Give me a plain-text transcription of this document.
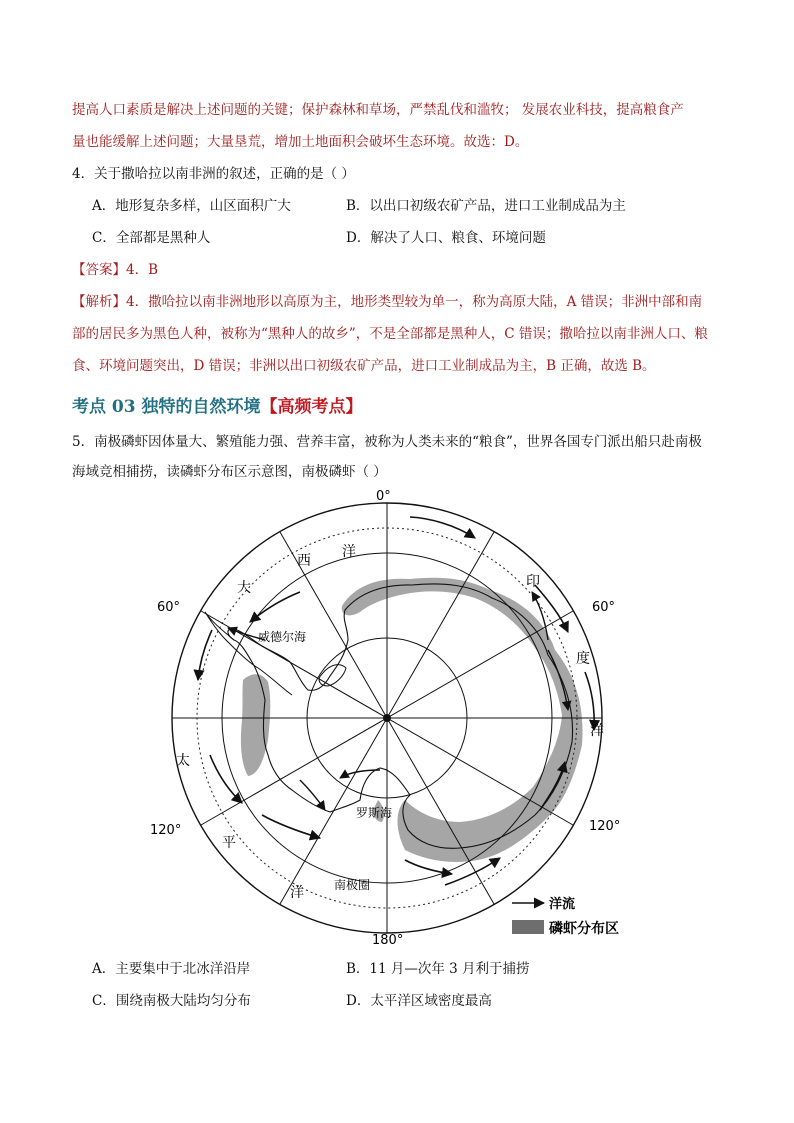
提高人口素质是解决上述问题的关键；保护森林和草场，严禁乱伐和滥牧； 发展农业科技，提高粮食产
量也能缓解上述问题；大量垦荒，增加土地面积会破坏生态环境。故选：D。
4．关于撒哈拉以南非洲的叙述，正确的是（ ）
A．地形复杂多样，山区面积广大	B．以出口初级农矿产品，进口工业制成品为主
C．全部都是黑种人	D．解决了人口、粮食、环境问题
【答案】4．B
【解析】4．撒哈拉以南非洲地形以高原为主，地形类型较为单一，称为高原大陆，A 错误；非洲中部和南
部的居民多为黑色人种，被称为“黑种人的故乡”，不是全部都是黑种人，C 错误；撒哈拉以南非洲人口、粮
食、环境问题突出，D 错误；非洲以出口初级农矿产品，进口工业制成品为主，B 正确，故选 B。
考点 03 独特的自然环境【高频考点】
5．南极磷虾因体量大、繁殖能力强、营养丰富，被称为人类未来的“粮食”，世界各国专门派出船只赴南极
海域竞相捕捞，读磷虾分布区示意图，南极磷虾（ ）
0°
180°
60°	60°
120°	120°
西
大
洋
印
度
洋
太
平
洋
威德尔海
罗斯海
南极圈
洋流
磷虾分布区
A．主要集中于北冰洋沿岸	B．11 月—次年 3 月利于捕捞
C．围绕南极大陆均匀分布	D．太平洋区域密度最高
